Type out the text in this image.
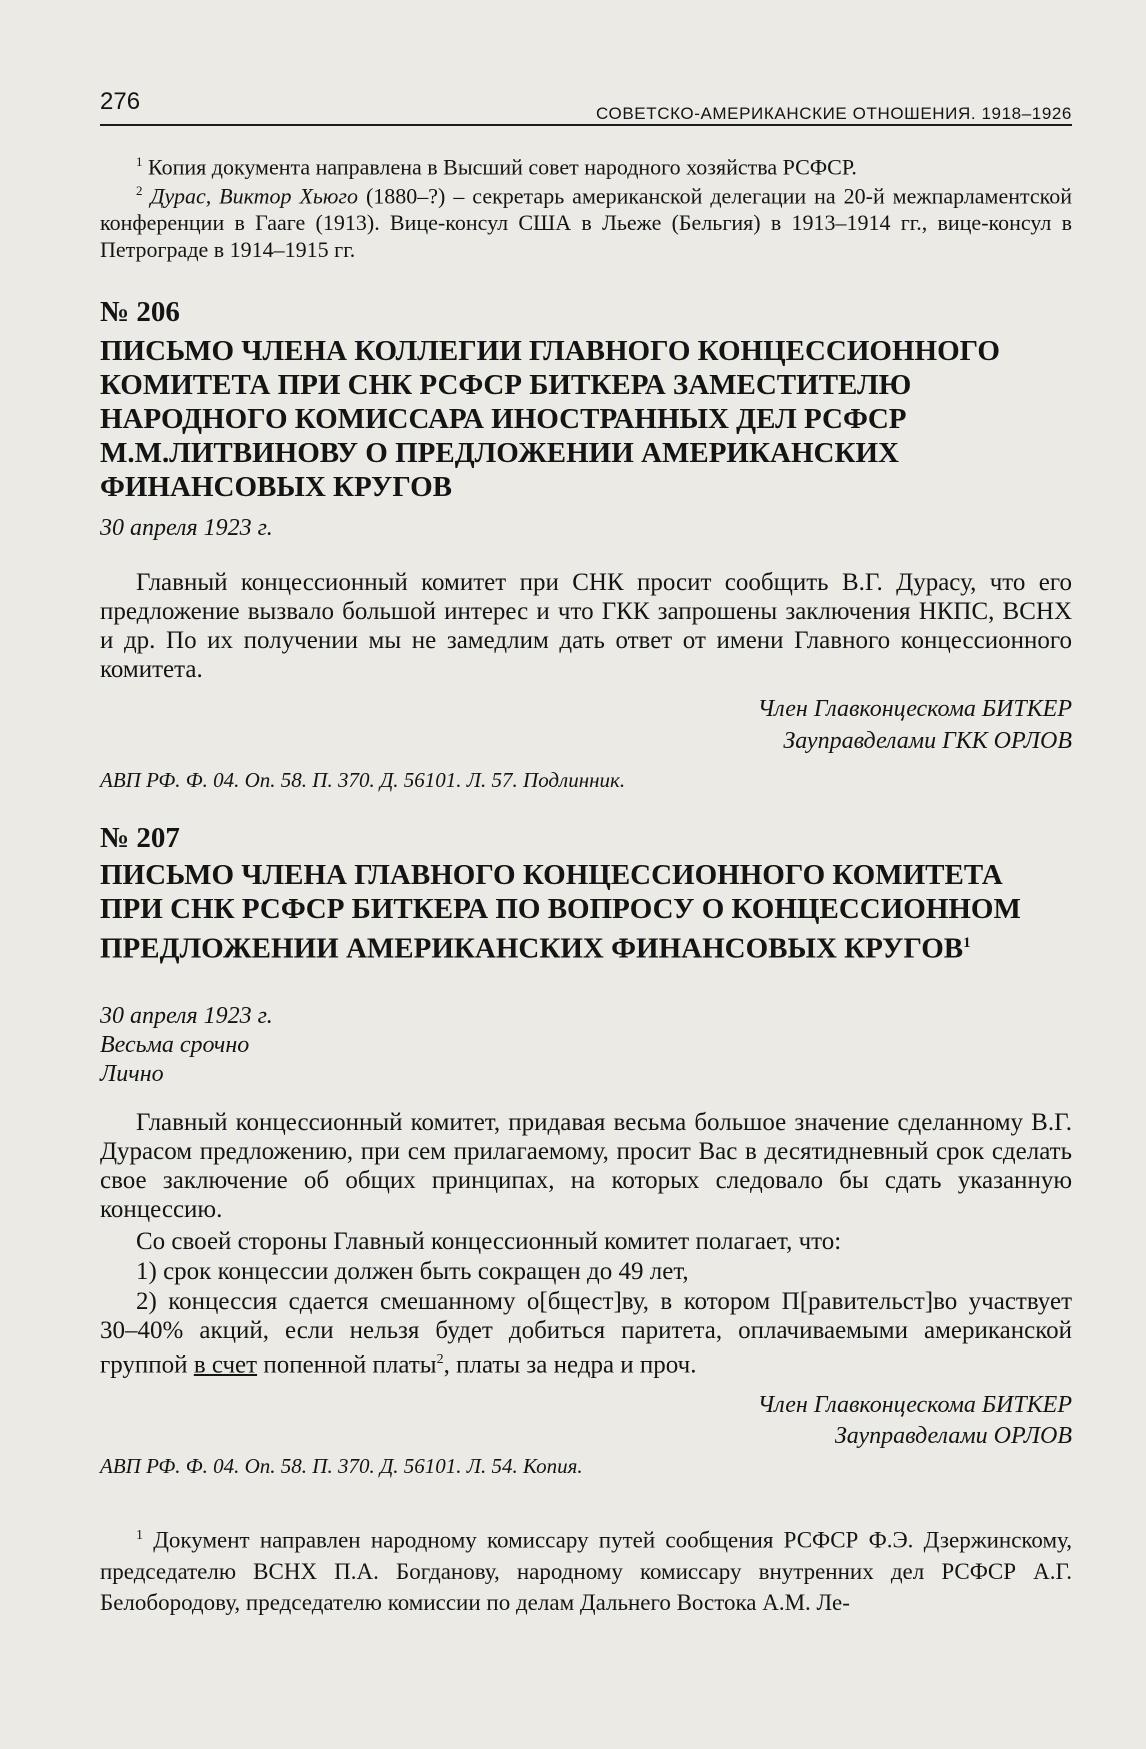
276	СОВЕТСКО-АМЕРИКАНСКИЕ ОТНОШЕНИЯ. 1918–1926
$^1$ Копия документа направлена в Высший совет народного хозяйства РСФСР.
$^2$ Дурас, Виктор Хьюго (1880–?) – секретарь американской делегации на 20-й межпарламентской конференции в Гааге (1913). Вице-консул США в Льеже (Бельгия) в 1913–1914 гг., вице-консул в Петрограде в 1914–1915 гг.
№ 206
ПИСЬМО ЧЛЕНА КОЛЛЕГИИ ГЛАВНОГО КОНЦЕССИОННОГО КОМИТЕТА ПРИ СНК РСФСР БИТКЕРА ЗАМЕСТИТЕЛЮ НАРОДНОГО КОМИССАРА ИНОСТРАННЫХ ДЕЛ РСФСР М.М.ЛИТВИНОВУ О ПРЕДЛОЖЕНИИ АМЕРИКАНСКИХ ФИНАНСОВЫХ КРУГОВ
30 апреля 1923 г.
Главный концессионный комитет при СНК просит сообщить В.Г. Дурасу, что его предложение вызвало большой интерес и что ГКК запрошены заключения НКПС, ВСНХ и др. По их получении мы не замедлим дать ответ от имени Главного концессионного комитета.
Член Главконцескома БИТКЕР
Зауправделами ГКК ОРЛОВ
АВП РФ. Ф. 04. Оп. 58. П. 370. Д. 56101. Л. 57. Подлинник.
№ 207
ПИСЬМО ЧЛЕНА ГЛАВНОГО КОНЦЕССИОННОГО КОМИТЕТА ПРИ СНК РСФСР БИТКЕРА ПО ВОПРОСУ О КОНЦЕССИОННОМ ПРЕДЛОЖЕНИИ АМЕРИКАНСКИХ ФИНАНСОВЫХ КРУГОВ$^1$
30 апреля 1923 г.
Весьма срочно
Лично
Главный концессионный комитет, придавая весьма большое значение сделанному В.Г. Дурасом предложению, при сем прилагаемому, просит Вас в десятидневный срок сделать свое заключение об общих принципах, на которых следовало бы сдать указанную концессию.
Со своей стороны Главный концессионный комитет полагает, что:
1) срок концессии должен быть сокращен до 49 лет,
2) концессия сдается смешанному о[бщест]ву, в котором П[равительст]во участвует 30–40% акций, если нельзя будет добиться паритета, оплачиваемыми американской группой в счет попенной платы$^2$, платы за недра и проч.
Член Главконцескома БИТКЕР
Зауправделами ОРЛОВ
АВП РФ. Ф. 04. Оп. 58. П. 370. Д. 56101. Л. 54. Копия.
$^1$ Документ направлен народному комиссару путей сообщения РСФСР Ф.Э. Дзержинскому, председателю ВСНХ П.А. Богданову, народному комиссару внутренних дел РСФСР А.Г. Белобородову, председателю комиссии по делам Дальнего Востока А.М. Ле-
